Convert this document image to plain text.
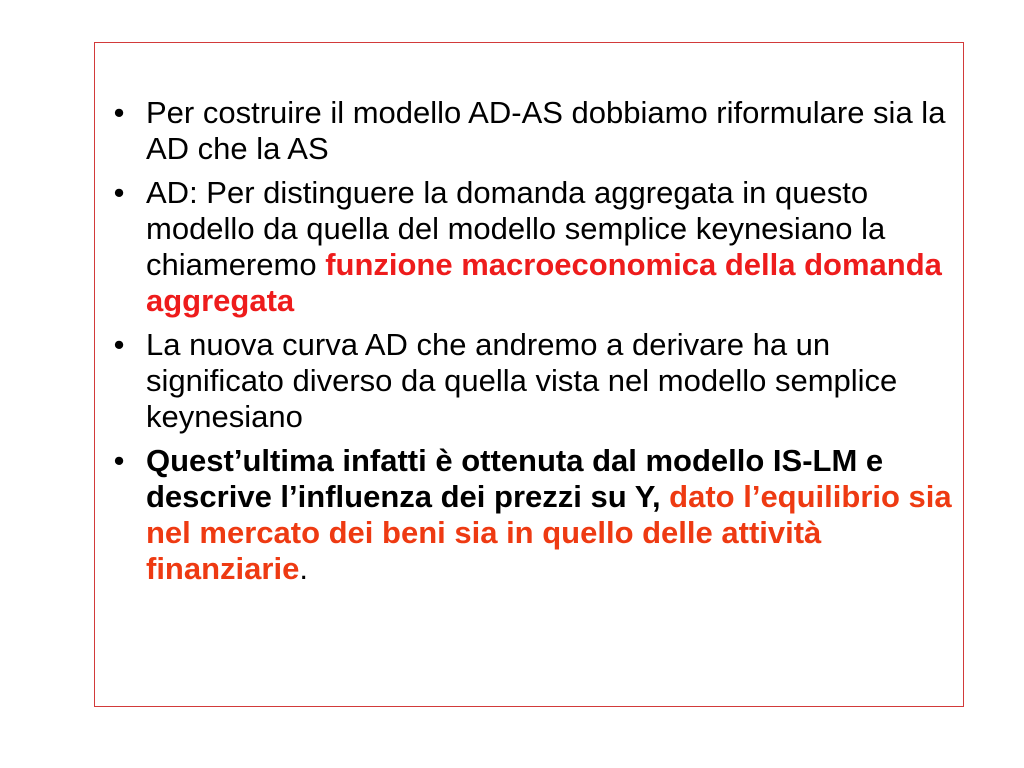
• Per costruire il modello AD-AS dobbiamo riformulare sia la AD che la AS
• AD: Per distinguere la domanda aggregata in questo modello da quella del modello semplice keynesiano la chiameremo funzione macroeconomica della domanda aggregata
• La nuova curva AD che andremo a derivare ha un significato diverso da quella vista nel modello semplice keynesiano
• Quest’ultima infatti è ottenuta dal modello IS-LM e descrive l’influenza dei prezzi su Y, dato l’equilibrio sia nel mercato dei beni sia in quello delle attività finanziarie.
